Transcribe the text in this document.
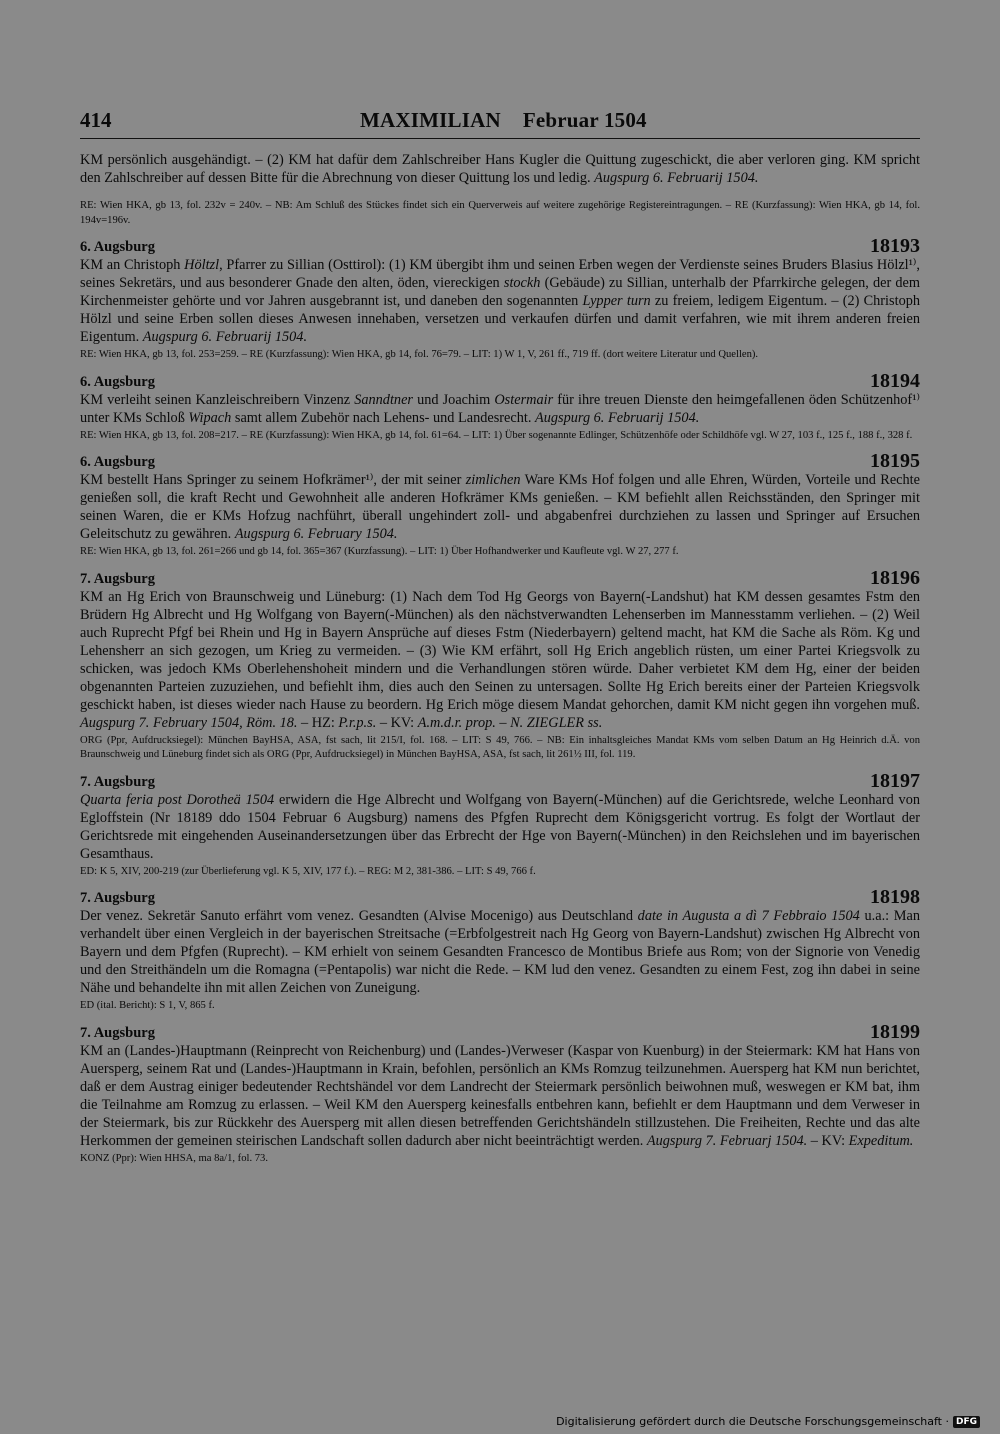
414	MAXIMILIAN Februar 1504

KM persönlich ausgehändigt. – (2) KM hat dafür dem Zahlschreiber Hans Kugler die Quittung zugeschickt, die aber verloren ging. KM spricht den Zahlschreiber auf dessen Bitte für die Abrechnung von dieser Quittung los und ledig. Augspurg 6. Februarij 1504.

RE: Wien HKA, gb 13, fol. 232v = 240v. – NB: Am Schluß des Stückes findet sich ein Querverweis auf weitere zugehörige Registereintragungen. – RE (Kurzfassung): Wien HKA, gb 14, fol. 194v=196v.

6. Augsburg	18193

KM an Christoph Höltzl, Pfarrer zu Sillian (Osttirol): (1) KM übergibt ihm und seinen Erben wegen der Verdienste seines Bruders Blasius Hölzl¹⁾, seines Sekretärs, und aus besonderer Gnade den alten, öden, viereckigen stockh (Gebäude) zu Sillian, unterhalb der Pfarrkirche gelegen, der dem Kirchenmeister gehörte und vor Jahren ausgebrannt ist, und daneben den sogenannten Lypper turn zu freiem, ledigem Eigentum. – (2) Christoph Hölzl und seine Erben sollen dieses Anwesen innehaben, versetzen und verkaufen dürfen und damit verfahren, wie mit ihrem anderen freien Eigentum. Augspurg 6. Februarij 1504.

RE: Wien HKA, gb 13, fol. 253=259. – RE (Kurzfassung): Wien HKA, gb 14, fol. 76=79. – LIT: 1) W 1, V, 261 ff., 719 ff. (dort weitere Literatur und Quellen).

6. Augsburg	18194

KM verleiht seinen Kanzleischreibern Vinzenz Sanndtner und Joachim Ostermair für ihre treuen Dienste den heimgefallenen öden Schützenhof¹⁾ unter KMs Schloß Wipach samt allem Zubehör nach Lehens- und Landesrecht. Augspurg 6. Februarij 1504.

RE: Wien HKA, gb 13, fol. 208=217. – RE (Kurzfassung): Wien HKA, gb 14, fol. 61=64. – LIT: 1) Über sogenannte Edlinger, Schützenhöfe oder Schildhöfe vgl. W 27, 103 f., 125 f., 188 f., 328 f.

6. Augsburg	18195

KM bestellt Hans Springer zu seinem Hofkrämer¹⁾, der mit seiner zimlichen Ware KMs Hof folgen und alle Ehren, Würden, Vorteile und Rechte genießen soll, die kraft Recht und Gewohnheit alle anderen Hofkrämer KMs genießen. – KM befiehlt allen Reichsständen, den Springer mit seinen Waren, die er KMs Hofzug nachführt, überall ungehindert zoll- und abgabenfrei durchziehen zu lassen und Springer auf Ersuchen Geleitschutz zu gewähren. Augspurg 6. February 1504.

RE: Wien HKA, gb 13, fol. 261=266 und gb 14, fol. 365=367 (Kurzfassung). – LIT: 1) Über Hofhandwerker und Kaufleute vgl. W 27, 277 f.

7. Augsburg	18196

KM an Hg Erich von Braunschweig und Lüneburg: (1) Nach dem Tod Hg Georgs von Bayern(-Landshut) hat KM dessen gesamtes Fstm den Brüdern Hg Albrecht und Hg Wolfgang von Bayern(-München) als den nächstverwandten Lehenserben im Mannesstamm verliehen. – (2) Weil auch Ruprecht Pfgf bei Rhein und Hg in Bayern Ansprüche auf dieses Fstm (Niederbayern) geltend macht, hat KM die Sache als Röm. Kg und Lehensherr an sich gezogen, um Krieg zu vermeiden. – (3) Wie KM erfährt, soll Hg Erich angeblich rüsten, um einer Partei Kriegsvolk zu schicken, was jedoch KMs Oberlehenshoheit mindern und die Verhandlungen stören würde. Daher verbietet KM dem Hg, einer der beiden obgenannten Parteien zuzuziehen, und befiehlt ihm, dies auch den Seinen zu untersagen. Sollte Hg Erich bereits einer der Parteien Kriegsvolk geschickt haben, ist dieses wieder nach Hause zu beordern. Hg Erich möge diesem Mandat gehorchen, damit KM nicht gegen ihn vorgehen muß. Augspurg 7. February 1504, Röm. 18. – HZ: P.r.p.s. – KV: A.m.d.r. prop. – N. ZIEGLER ss.

ORG (Ppr, Aufdrucksiegel): München BayHSA, ASA, fst sach, lit 215/I, fol. 168. – LIT: S 49, 766. – NB: Ein inhaltsgleiches Mandat KMs vom selben Datum an Hg Heinrich d.Ä. von Braunschweig und Lüneburg findet sich als ORG (Ppr, Aufdrucksiegel) in München BayHSA, ASA, fst sach, lit 261½ III, fol. 119.

7. Augsburg	18197

Quarta feria post Dorotheä 1504 erwidern die Hge Albrecht und Wolfgang von Bayern(-München) auf die Gerichtsrede, welche Leonhard von Egloffstein (Nr 18189 ddo 1504 Februar 6 Augsburg) namens des Pfgfen Ruprecht dem Königsgericht vortrug. Es folgt der Wortlaut der Gerichtsrede mit eingehenden Auseinandersetzungen über das Erbrecht der Hge von Bayern(-München) in den Reichslehen und im bayerischen Gesamthaus.

ED: K 5, XIV, 200-219 (zur Überlieferung vgl. K 5, XIV, 177 f.). – REG: M 2, 381-386. – LIT: S 49, 766 f.

7. Augsburg	18198

Der venez. Sekretär Sanuto erfährt vom venez. Gesandten (Alvise Mocenigo) aus Deutschland date in Augusta a dì 7 Febbraio 1504 u.a.: Man verhandelt über einen Vergleich in der bayerischen Streitsache (=Erbfolgestreit nach Hg Georg von Bayern-Landshut) zwischen Hg Albrecht von Bayern und dem Pfgfen (Ruprecht). – KM erhielt von seinem Gesandten Francesco de Montibus Briefe aus Rom; von der Signorie von Venedig und den Streithändeln um die Romagna (=Pentapolis) war nicht die Rede. – KM lud den venez. Gesandten zu einem Fest, zog ihn dabei in seine Nähe und behandelte ihn mit allen Zeichen von Zuneigung.

ED (ital. Bericht): S 1, V, 865 f.

7. Augsburg	18199

KM an (Landes-)Hauptmann (Reinprecht von Reichenburg) und (Landes-)Verweser (Kaspar von Kuenburg) in der Steiermark: KM hat Hans von Auersperg, seinem Rat und (Landes-)Hauptmann in Krain, befohlen, persönlich an KMs Romzug teilzunehmen. Auersperg hat KM nun berichtet, daß er dem Austrag einiger bedeutender Rechtshändel vor dem Landrecht der Steiermark persönlich beiwohnen muß, weswegen er KM bat, ihm die Teilnahme am Romzug zu erlassen. – Weil KM den Auersperg keinesfalls entbehren kann, befiehlt er dem Hauptmann und dem Verweser in der Steiermark, bis zur Rückkehr des Auersperg mit allen diesen betreffenden Gerichtshändeln stillzustehen. Die Freiheiten, Rechte und das alte Herkommen der gemeinen steirischen Landschaft sollen dadurch aber nicht beeinträchtigt werden. Augspurg 7. Februarj 1504. – KV: Expeditum.

KONZ (Ppr): Wien HHSA, ma 8a/1, fol. 73.

Digitalisierung gefördert durch die Deutsche Forschungsgemeinschaft · DFG
